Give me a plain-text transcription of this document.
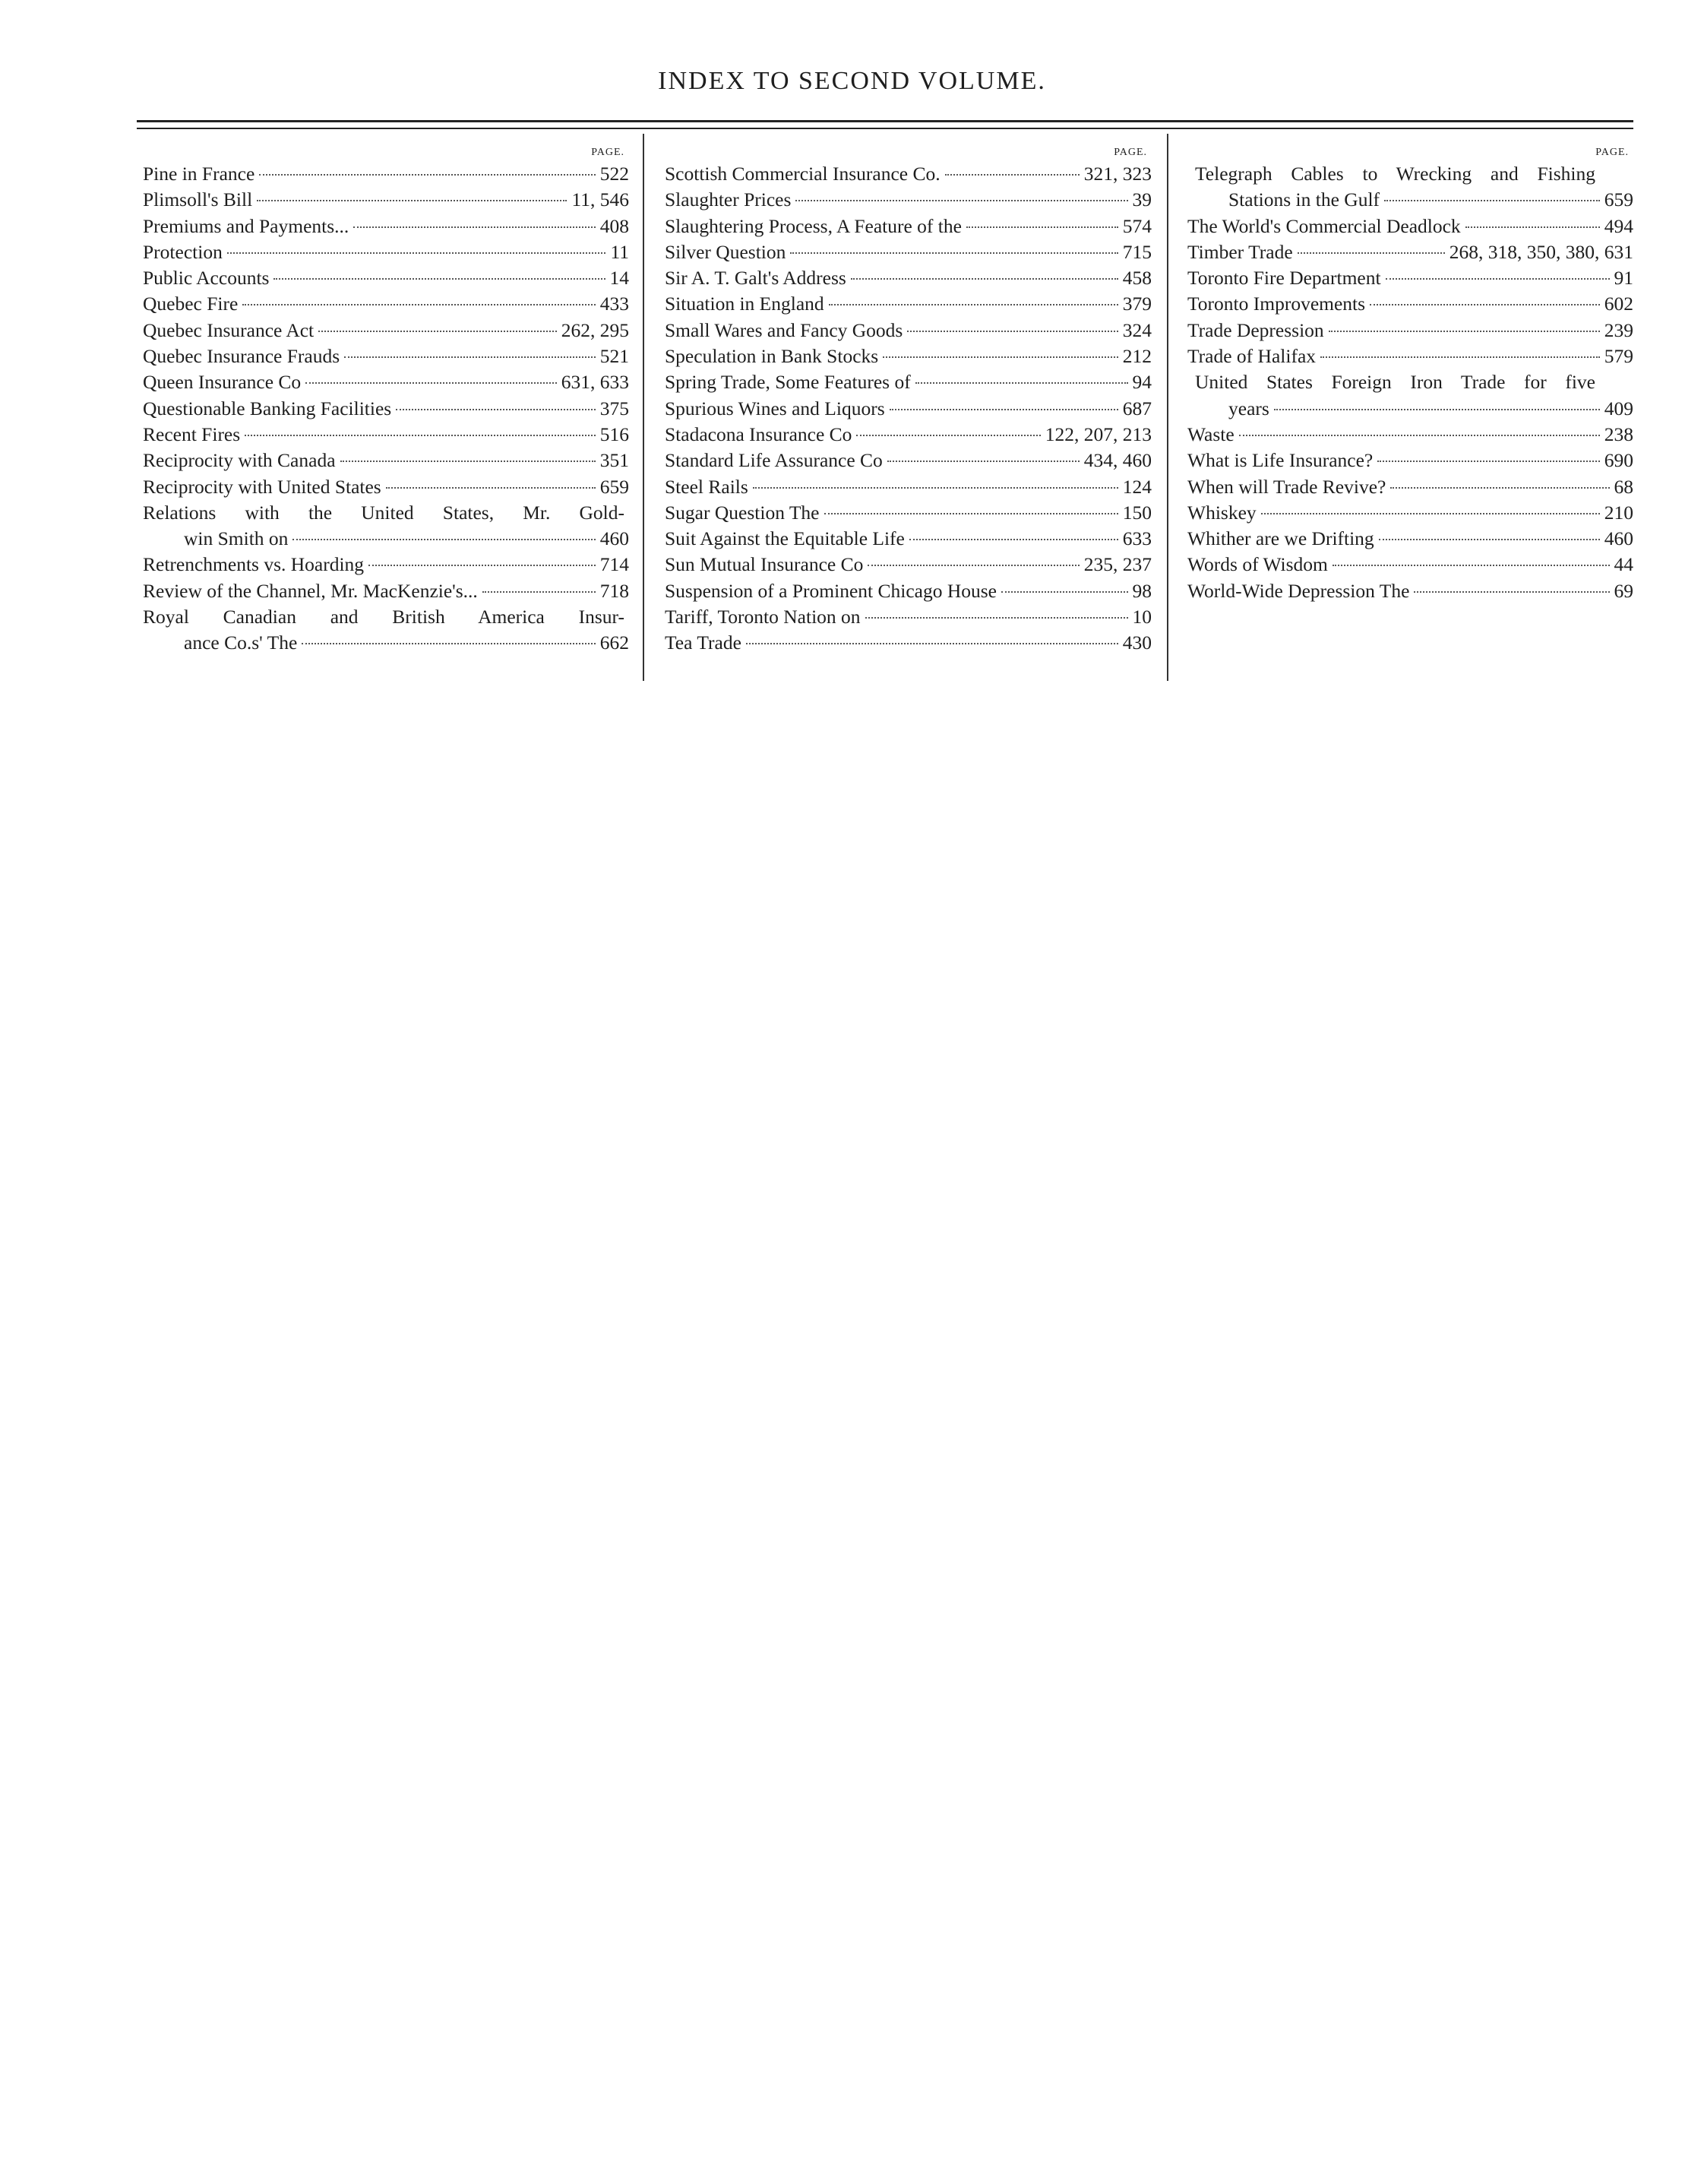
INDEX TO SECOND VOLUME.
PAGE.
Pine in France	522
Plimsoll's Bill	11, 546
Premiums and Payments...	408
Protection	11
Public Accounts	14
Quebec Fire	433
Quebec Insurance Act	262, 295
Quebec Insurance Frauds	521
Queen Insurance Co	631, 633
Questionable Banking Facilities	375
Recent Fires	516
Reciprocity with Canada	351
Reciprocity with United States	659
Relations with the United States, Mr. Gold-
win Smith on	460
Retrenchments vs. Hoarding	714
Review of the Channel, Mr. MacKenzie's...	718
Royal Canadian and British America Insur-
ance Co.s' The	662
PAGE.
Scottish Commercial Insurance Co.	321, 323
Slaughter Prices	39
Slaughtering Process, A Feature of the	574
Silver Question	715
Sir A. T. Galt's Address	458
Situation in England	379
Small Wares and Fancy Goods	324
Speculation in Bank Stocks	212
Spring Trade, Some Features of	94
Spurious Wines and Liquors	687
Stadacona Insurance Co	122, 207, 213
Standard Life Assurance Co	434, 460
Steel Rails	124
Sugar Question The	150
Suit Against the Equitable Life	633
Sun Mutual Insurance Co	235, 237
Suspension of a Prominent Chicago House	98
Tariff, Toronto Nation on	10
Tea Trade	430
PAGE.
Telegraph Cables to Wrecking and Fishing
Stations in the Gulf	659
The World's Commercial Deadlock	494
Timber Trade	268, 318, 350, 380, 631
Toronto Fire Department	91
Toronto Improvements	602
Trade Depression	239
Trade of Halifax	579
United States Foreign Iron Trade for five
years	409
Waste	238
What is Life Insurance?	690
When will Trade Revive?	68
Whiskey	210
Whither are we Drifting	460
Words of Wisdom	44
World-Wide Depression The	69
